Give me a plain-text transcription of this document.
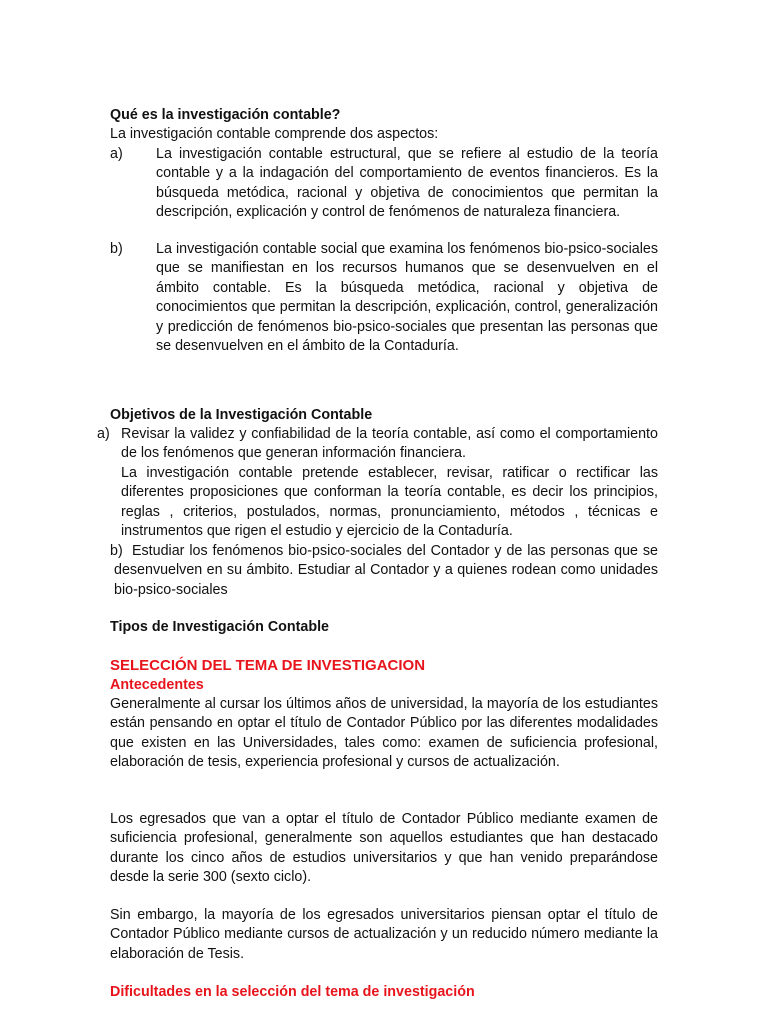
Qué es la investigación contable?
La investigación contable comprende dos aspectos:
a) La investigación contable estructural, que se refiere al estudio de la teoría contable y a la indagación del comportamiento de eventos financieros. Es la búsqueda metódica, racional y objetiva de conocimientos que permitan la descripción, explicación y control de fenómenos de naturaleza financiera.
b) La investigación contable social que examina los fenómenos bio-psico-sociales que se manifiestan en los recursos humanos que se desenvuelven en el ámbito contable. Es la búsqueda metódica, racional y objetiva de conocimientos que permitan la descripción, explicación, control, generalización y predicción de fenómenos bio-psico-sociales que presentan las personas que se desenvuelven en el ámbito de la Contaduría.
Objetivos de la Investigación Contable
a) Revisar la validez y confiabilidad de la teoría contable, así como el comportamiento de los fenómenos que generan información financiera.
La investigación contable pretende establecer, revisar, ratificar o rectificar las diferentes proposiciones que conforman la teoría contable, es decir los principios, reglas , criterios, postulados, normas, pronunciamiento, métodos , técnicas e instrumentos que rigen el estudio y ejercicio de la Contaduría.
b) Estudiar los fenómenos bio-psico-sociales del Contador y de las personas que se desenvuelven en su ámbito. Estudiar al Contador y a quienes rodean como unidades bio-psico-sociales
Tipos de Investigación Contable
SELECCIÓN DEL TEMA DE INVESTIGACION
Antecedentes
Generalmente al cursar los últimos años de universidad, la mayoría de los estudiantes están pensando en optar el título de Contador Público por las diferentes modalidades que existen en las Universidades, tales como: examen de suficiencia profesional, elaboración de tesis, experiencia profesional y cursos de actualización.
Los egresados que van a optar el título de Contador Público mediante examen de suficiencia profesional, generalmente son aquellos estudiantes que han destacado durante los cinco años de estudios universitarios y que han venido preparándose desde la serie 300 (sexto ciclo).
Sin embargo, la mayoría de los egresados universitarios piensan optar el título de Contador Público mediante cursos de actualización y un reducido número mediante la elaboración de Tesis.
Dificultades en la selección del tema de investigación
